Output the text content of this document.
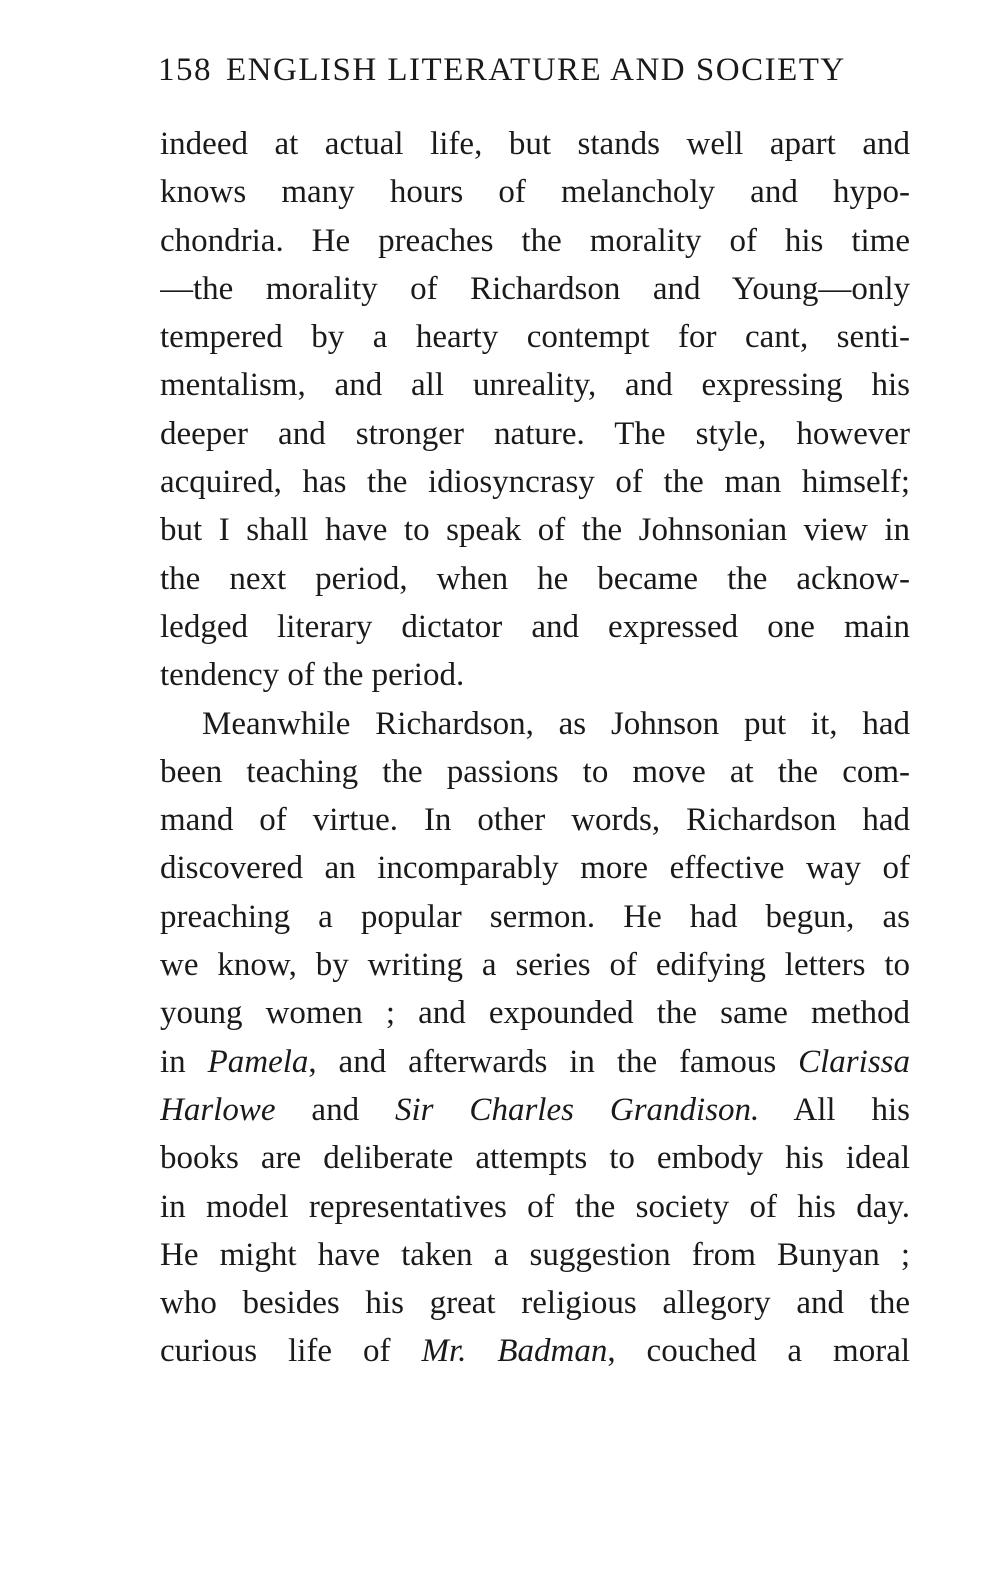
158 ENGLISH LITERATURE AND SOCIETY
indeed at actual life, but stands well apart and
knows many hours of melancholy and hypo-
chondria. He preaches the morality of his time
—the morality of Richardson and Young—only
tempered by a hearty contempt for cant, senti-
mentalism, and all unreality, and expressing his
deeper and stronger nature. The style, however
acquired, has the idiosyncrasy of the man himself;
but I shall have to speak of the Johnsonian view in
the next period, when he became the acknow-
ledged literary dictator and expressed one main
tendency of the period.
Meanwhile Richardson, as Johnson put it, had
been teaching the passions to move at the com-
mand of virtue. In other words, Richardson had
discovered an incomparably more effective way of
preaching a popular sermon. He had begun, as
we know, by writing a series of edifying letters to
young women ; and expounded the same method
in Pamela, and afterwards in the famous Clarissa
Harlowe and Sir Charles Grandison. All his
books are deliberate attempts to embody his ideal
in model representatives of the society of his day.
He might have taken a suggestion from Bunyan ;
who besides his great religious allegory and the
curious life of Mr. Badman, couched a moral
